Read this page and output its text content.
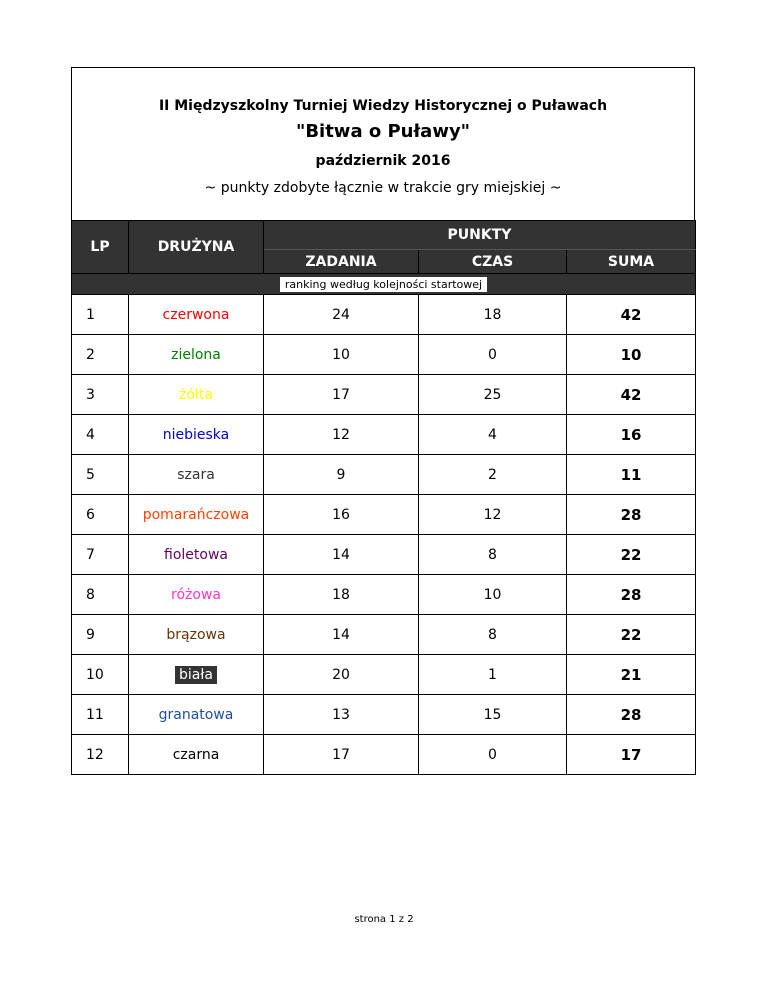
II Międzyszkolny Turniej Wiedzy Historycznej o Puławach
"Bitwa o Puławy"
październik 2016
~ punkty zdobyte łącznie w trakcie gry miejskiej ~
LP	DRUŻYNA	PUNKTY		
		ZADANIA	CZAS	SUMA
ranking według kolejności startowej				
1	czerwona	24	18	42
2	zielona	10	0	10
3	żółta	17	25	42
4	niebieska	12	4	16
5	szara	9	2	11
6	pomarańczowa	16	12	28
7	fioletowa	14	8	22
8	różowa	18	10	28
9	brązowa	14	8	22
10	biała	20	1	21
11	granatowa	13	15	28
12	czarna	17	0	17
strona 1 z 2
